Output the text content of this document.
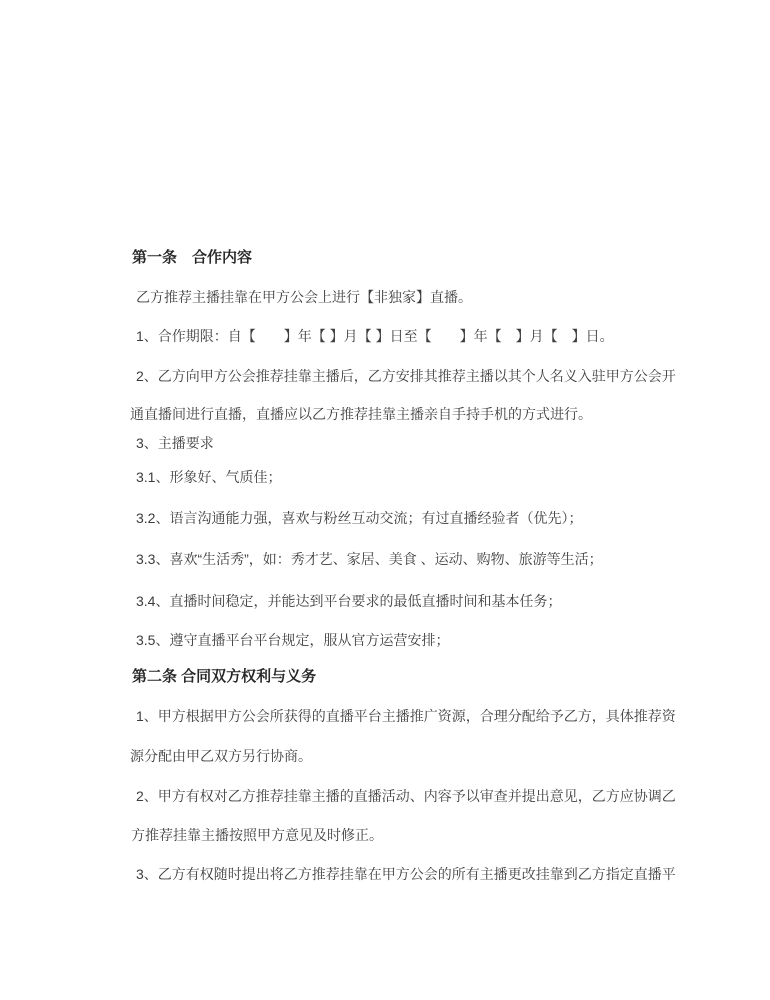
第一条　合作内容

乙方推荐主播挂靠在甲方公会上进行【非独家】直播。

1、合作期限：自【　　】年【 】月【 】日至【　　】年【　】月【　】日。

2、乙方向甲方公会推荐挂靠主播后，乙方安排其推荐主播以其个人名义入驻甲方公会开

通直播间进行直播，直播应以乙方推荐挂靠主播亲自手持手机的方式进行。

3、主播要求

3.1、形象好、气质佳；

3.2、语言沟通能力强，喜欢与粉丝互动交流；有过直播经验者（优先）；

3.3、喜欢“生活秀”，如：秀才艺、家居、美食 、运动、购物、旅游等生活；

3.4、直播时间稳定，并能达到平台要求的最低直播时间和基本任务；

3.5、遵守直播平台平台规定，服从官方运营安排；

第二条 合同双方权利与义务

1、甲方根据甲方公会所获得的直播平台主播推广资源，合理分配给予乙方，具体推荐资

源分配由甲乙双方另行协商。

2、甲方有权对乙方推荐挂靠主播的直播活动、内容予以审查并提出意见，乙方应协调乙

方推荐挂靠主播按照甲方意见及时修正。

3、乙方有权随时提出将乙方推荐挂靠在甲方公会的所有主播更改挂靠到乙方指定直播平
